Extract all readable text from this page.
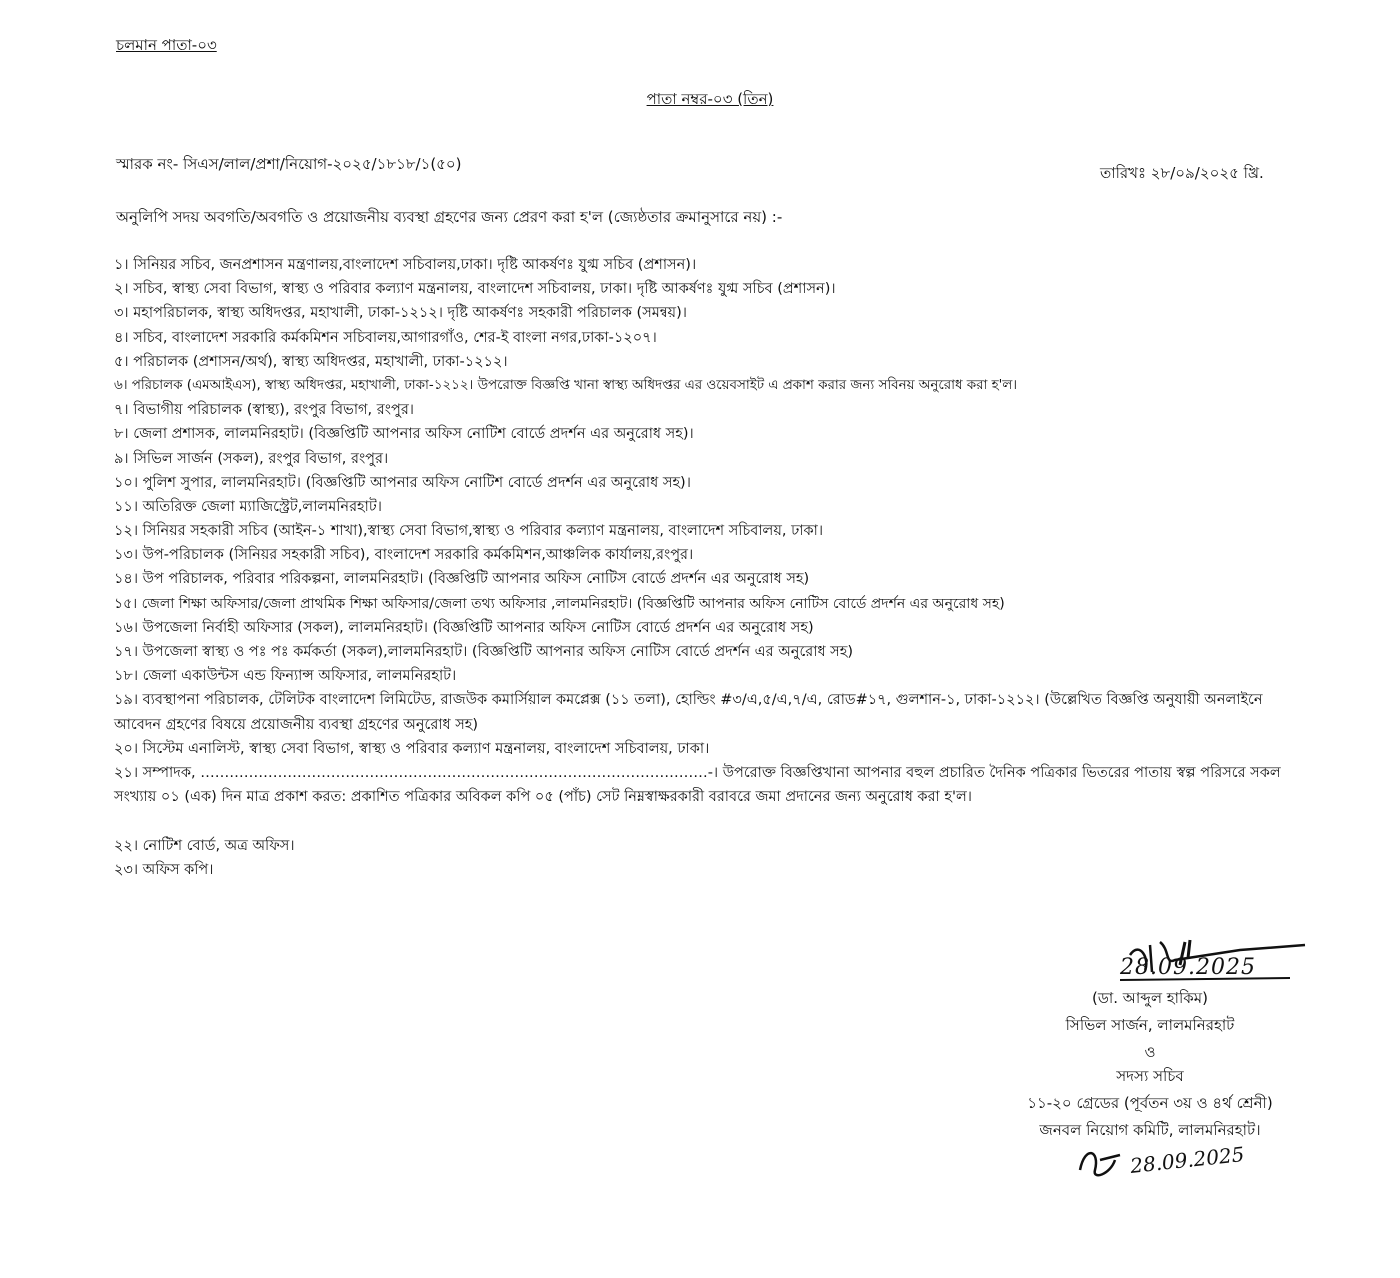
চলমান পাতা-০৩
পাতা নম্বর-০৩ (তিন)
স্মারক নং- সিএস/লাল/প্রশা/নিয়োগ-২০২৫/১৮১৮/১(৫০)	তারিখঃ ২৮/০৯/২০২৫ খ্রি.
অনুলিপি সদয় অবগতি/অবগতি ও প্রয়োজনীয় ব্যবস্থা গ্রহণের জন্য প্রেরণ করা হ'ল (জ্যেষ্ঠতার ক্রমানুসারে নয়) :-
১। সিনিয়র সচিব, জনপ্রশাসন মন্ত্রণালয়,বাংলাদেশ সচিবালয়,ঢাকা। দৃষ্টি আকর্ষণঃ যুগ্ম সচিব (প্রশাসন)।
২। সচিব, স্বাস্থ্য সেবা বিভাগ, স্বাস্থ্য ও পরিবার কল্যাণ মন্ত্রনালয়, বাংলাদেশ সচিবালয়, ঢাকা। দৃষ্টি আকর্ষণঃ যুগ্ম সচিব (প্রশাসন)।
৩। মহাপরিচালক, স্বাস্থ্য অধিদপ্তর, মহাখালী, ঢাকা-১২১২। দৃষ্টি আকর্ষণঃ সহকারী পরিচালক (সমন্বয়)।
৪। সচিব, বাংলাদেশ সরকারি কর্মকমিশন সচিবালয়,আগারগাঁও, শের-ই বাংলা নগর,ঢাকা-১২০৭।
৫। পরিচালক (প্রশাসন/অর্থ), স্বাস্থ্য অধিদপ্তর, মহাখালী, ঢাকা-১২১২।
৬। পরিচালক (এমআইএস), স্বাস্থ্য অধিদপ্তর, মহাখালী, ঢাকা-১২১২। উপরোক্ত বিজ্ঞপ্তি খানা স্বাস্থ্য অধিদপ্তর এর ওয়েবসাইট এ প্রকাশ করার জন্য সবিনয় অনুরোধ করা হ'ল।
৭। বিভাগীয় পরিচালক (স্বাস্থ্য), রংপুর বিভাগ, রংপুর।
৮। জেলা প্রশাসক, লালমনিরহাট। (বিজ্ঞপ্তিটি আপনার অফিস নোটিশ বোর্ডে প্রদর্শন এর অনুরোধ সহ)।
৯। সিভিল সার্জন (সকল), রংপুর বিভাগ, রংপুর।
১০। পুলিশ সুপার, লালমনিরহাট। (বিজ্ঞপ্তিটি আপনার অফিস নোটিশ বোর্ডে প্রদর্শন এর অনুরোধ সহ)।
১১। অতিরিক্ত জেলা ম্যাজিস্ট্রেট,লালমনিরহাট।
১২। সিনিয়র সহকারী সচিব (আইন-১ শাখা),স্বাস্থ্য সেবা বিভাগ,স্বাস্থ্য ও পরিবার কল্যাণ মন্ত্রনালয়, বাংলাদেশ সচিবালয়, ঢাকা।
১৩। উপ-পরিচালক (সিনিয়র সহকারী সচিব), বাংলাদেশ সরকারি কর্মকমিশন,আঞ্চলিক কার্যালয়,রংপুর।
১৪। উপ পরিচালক, পরিবার পরিকল্পনা, লালমনিরহাট। (বিজ্ঞপ্তিটি আপনার অফিস নোটিস বোর্ডে প্রদর্শন এর অনুরোধ সহ)
১৫। জেলা শিক্ষা অফিসার/জেলা প্রাথমিক শিক্ষা অফিসার/জেলা তথ্য অফিসার ,লালমনিরহাট। (বিজ্ঞপ্তিটি আপনার অফিস নোটিস বোর্ডে প্রদর্শন এর অনুরোধ সহ)
১৬। উপজেলা নির্বাহী অফিসার (সকল), লালমনিরহাট। (বিজ্ঞপ্তিটি আপনার অফিস নোটিস বোর্ডে প্রদর্শন এর অনুরোধ সহ)
১৭। উপজেলা স্বাস্থ্য ও পঃ পঃ কর্মকর্তা (সকল),লালমনিরহাট। (বিজ্ঞপ্তিটি আপনার অফিস নোটিস বোর্ডে প্রদর্শন এর অনুরোধ সহ)
১৮। জেলা একাউন্টস এন্ড ফিন্যান্স অফিসার, লালমনিরহাট।
১৯। ব্যবস্থাপনা পরিচালক, টেলিটক বাংলাদেশ লিমিটেড, রাজউক কমার্সিয়াল কমপ্লেক্স (১১ তলা), হোল্ডিং #৩/এ,৫/এ,৭/এ, রোড#১৭, গুলশান-১, ঢাকা-১২১২। (উল্লেখিত বিজ্ঞপ্তি অনুযায়ী অনলাইনে আবেদন গ্রহণের বিষয়ে প্রয়োজনীয় ব্যবস্থা গ্রহণের অনুরোধ সহ)
২০। সিস্টেম এনালিস্ট, স্বাস্থ্য সেবা বিভাগ, স্বাস্থ্য ও পরিবার কল্যাণ মন্ত্রনালয়, বাংলাদেশ সচিবালয়, ঢাকা।
২১। সম্পাদক, ……………………………………………………………………………………………-। উপরোক্ত বিজ্ঞপ্তিখানা আপনার বহুল প্রচারিত দৈনিক পত্রিকার ভিতরের পাতায় স্বল্প পরিসরে সকল সংখ্যায় ০১ (এক) দিন মাত্র প্রকাশ করত: প্রকাশিত পত্রিকার অবিকল কপি ০৫ (পাঁচ) সেট নিম্নস্বাক্ষরকারী বরাবরে জমা প্রদানের জন্য অনুরোধ করা হ'ল।
২২। নোটিশ বোর্ড, অত্র অফিস।
২৩। অফিস কপি।
28.09.2025
(ডা. আব্দুল হাকিম)
সিভিল সার্জন, লালমনিরহাট
ও
সদস্য সচিব
১১-২০ গ্রেডের (পূর্বতন ৩য় ও ৪র্থ শ্রেনী)
জনবল নিয়োগ কমিটি, লালমনিরহাট।
28.09.2025
